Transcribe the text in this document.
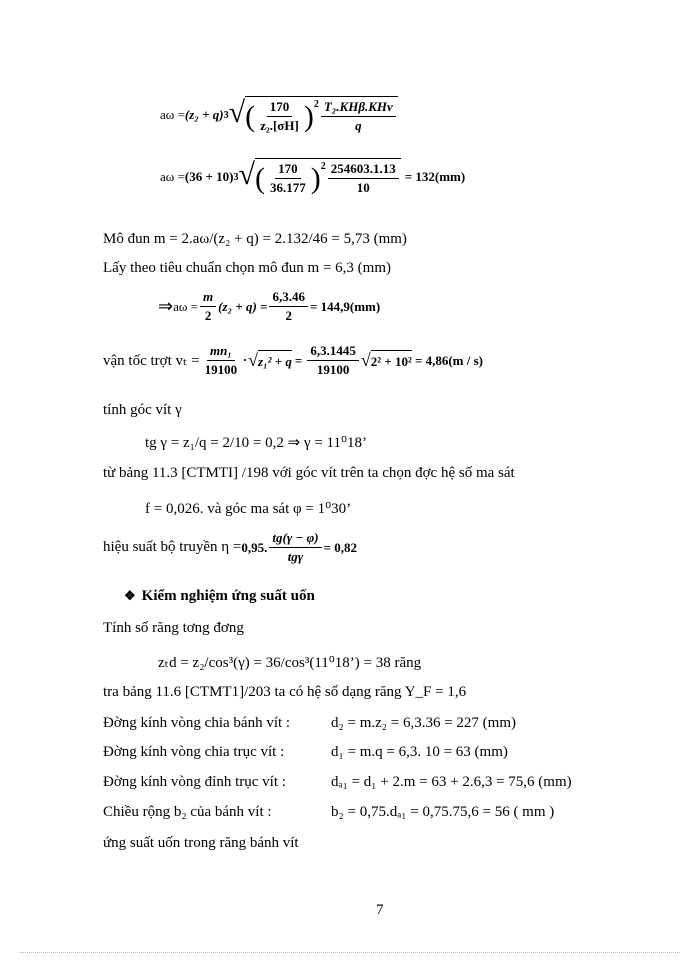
aω = (z₂ + q) 3 √ ( $\frac{170}{\text{z₂.[σH]}} )^2 \frac{\text{T₂.KHβ.KHv}}{q}$
aω = (36 + 10) 3 √ ( $\frac{170}{36.177} )^2 \frac{254603.1.13}{10} = 132(mm)$
Mô đun m = 2.aω/(z₂ + q) = 2.132/46 = 5,73 (mm)
Lấy theo tiêu chuẩn chọn mô đun m = 6,3 (mm)
⇒ $a\omega = \frac{m}{2} (z_2 + q) = \frac{6,3.46}{2} = 144,9(mm)$
vận tốc trợt $v_t = \frac{\text{mn₁}}{19100}$ ·√ $z_1^2 + q = \frac{6,3.1445}{19100}$ √ 2² + 10² = 4,86(m / s)
tính góc vít γ
tg γ = z₁/q = 2/10 = 0,2 ⇒ γ = 11⁰18’
từ bảng 11.3 [CTMTI] /198 với góc vít trên ta chọn đợc hệ số ma sát
f = 0,026. và góc ma sát φ = 1⁰30’
hiệu suất bộ truyền η = 0,95. $\frac{tg(\gamma - \varphi)}{\text{tgγ}} = 0,82$
❖ Kiểm nghiệm ứng suất uốn
Tính số răng tơng đơng
zₜd = z₂/cos³(γ) = 36/cos³(11⁰18’) = 38 răng
tra bảng 11.6 [CTMT1]/203 ta có hệ số dạng răng Y_F = 1,6
Đờng kính vòng chia bánh vít :	d₂ = m.z₂ = 6,3.36 = 227 (mm)
Đờng kính vòng chia trục vít :	d₁ = m.q = 6,3. 10 = 63 (mm)
Đờng kính vòng đỉnh trục vít :	dₐ₁ = d₁ + 2.m = 63 + 2.6,3 = 75,6 (mm)
Chiều rộng b₂ của bánh vít :	b₂ = 0,75.dₐ₁ = 0,75.75,6 = 56 ( mm )
ứng suất uốn trong răng bánh vít
7
